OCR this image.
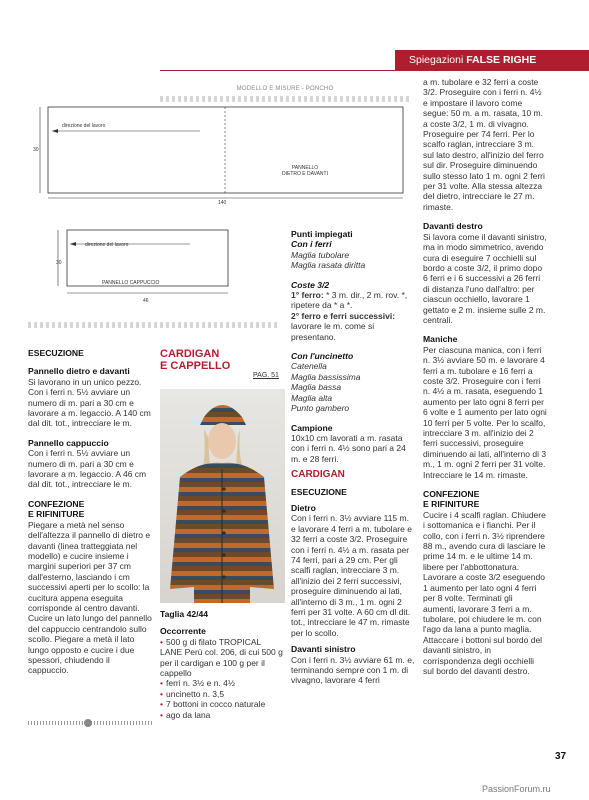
Spiegazioni FALSE RIGHE
MODELLO E MISURE - PONCHO
direzione del lavoro
30
PANNELLO
DIETRO E DAVANTI
140
direzione del lavoro
30
PANNELLO CAPPUCCIO
46

ESECUZIONE

Pannello dietro e davanti

Si lavorano in un unico pezzo. Con i ferri n. 5½ avviare un numero di m. pari a 30 cm e lavorare a m. legaccio. A 140 cm dal dit. tot., intrecciare le m.

Pannello cappuccio

Con i ferri n. 5½ avviare un numero di m. pari a 30 cm e lavorare a m. legaccio. A 46 cm dal dit. tot., intrecciare le m.

CONFEZIONE

E RIFINITURE

Piegare a metà nel senso dell'altezza il pannello di dietro e davanti (linea tratteggiata nel modello) e cucire insieme i margini superiori per 37 cm dall'esterno, lasciando i cm successivi aperti per lo scollo: la cucitura appena eseguita corrisponde al centro davanti. Cucire un lato lungo del pannello del cappuccio centrandolo sullo scollo. Piegare a metà il lato lungo opposto e cucire i due spessori, chiudendo il cappuccio.

CARDIGAN
E CAPPELLO
PAG. 51

Taglia 42/44

Occorrente

• 500 g di filato TROPICAL LANE Perù col. 206, di cui 500 g per il cardigan e 100 g per il cappello

• ferri n. 3½ e n. 4½

• uncinetto n. 3,5

• 7 bottoni in cocco naturale

• ago da lana

Punti impiegati

Con i ferri

Maglia tubolare

Maglia rasata diritta

Coste 3/2

1° ferro: * 3 m. dir., 2 m. rov. *, ripetere da * a *.

2° ferro e ferri successivi: lavorare le m. come si presentano.

Con l'uncinetto

Catenella

Maglia bassissima

Maglia bassa

Maglia alta

Punto gambero

Campione

10x10 cm lavorati a m. rasata con i ferri n. 4½ sono pari a 24 m. e 28 ferri.

CARDIGAN

ESECUZIONE

Dietro

Con i ferri n. 3½ avviare 115 m. e lavorare 4 ferri a m. tubolare e 32 ferri a coste 3/2. Proseguire con i ferri n. 4½ a m. rasata per 74 ferri, pari a 29 cm. Per gli scalfi raglan, intrecciare 3 m. all'inizio dei 2 ferri successivi, proseguire diminuendo ai lati, all'interno di 3 m., 1 m. ogni 2 ferri per 31 volte. A 60 cm dl dit. tot., intrecciare le 47 m. rimaste per lo scollo.

Davanti sinistro

Con i ferri n. 3½ avviare 61 m. e, terminando sempre con 1 m. di vivagno, lavorare 4 ferri

a m. tubolare e 32 ferri a coste 3/2. Proseguire con i ferri n. 4½ e impostare il lavoro come segue: 50 m. a m. rasata, 10 m. a coste 3/2, 1 m. di vivagno. Proseguire per 74 ferri. Per lo scalfo raglan, intrecciare 3 m. sul lato destro, all'inizio del ferro sul dir. Proseguire diminuendo sullo stesso lato 1 m. ogni 2 ferri per 31 volte. Alla stessa altezza del dietro, intrecciare le 27 m. rimaste.

Davanti destro

Si lavora come il davanti sinistro, ma in modo simmetrico, avendo cura di eseguire 7 occhielli sul bordo a coste 3/2, il primo dopo 6 ferri e i 6 successivi a 26 ferri di distanza l'uno dall'altro: per ciascun occhiello, lavorare 1 gettato e 2 m. insieme sulle 2 m. centrali.

Maniche

Per ciascuna manica, con i ferri n. 3½ avviare 50 m. e lavorare 4 ferri a m. tubolare e 16 ferri a coste 3/2. Proseguire con i ferri n. 4½ a m. rasata, eseguendo 1 aumento per lato ogni 8 ferri per 6 volte e 1 aumento per lato ogni 10 ferri per 5 volte. Per lo scalfo, intrecciare 3 m. all'inizio dei 2 ferri successivi, proseguire diminuendo ai lati, all'interno di 3 m., 1 m. ogni 2 ferri per 31 volte. Intrecciare le 14 m. rimaste.

CONFEZIONE

E RIFINITURE

Cucire i 4 scalfi raglan. Chiudere i sottomanica e i fianchi. Per il collo, con i ferri n. 3½ riprendere 88 m., avendo cura di lasciare le prime 14 m. e le ultime 14 m. libere per l'abbottonatura. Lavorare a coste 3/2 eseguendo 1 aumento per lato ogni 4 ferri per 8 volte. Terminati gli aumenti, lavorare 3 ferri a m. tubolare, poi chiudere le m. con l'ago da lana a punto maglia. Attaccare i bottoni sul bordo del davanti sinistro, in corrispondenza degli occhielli sul bordo del davanti destro.

37
PassionForum.ru
